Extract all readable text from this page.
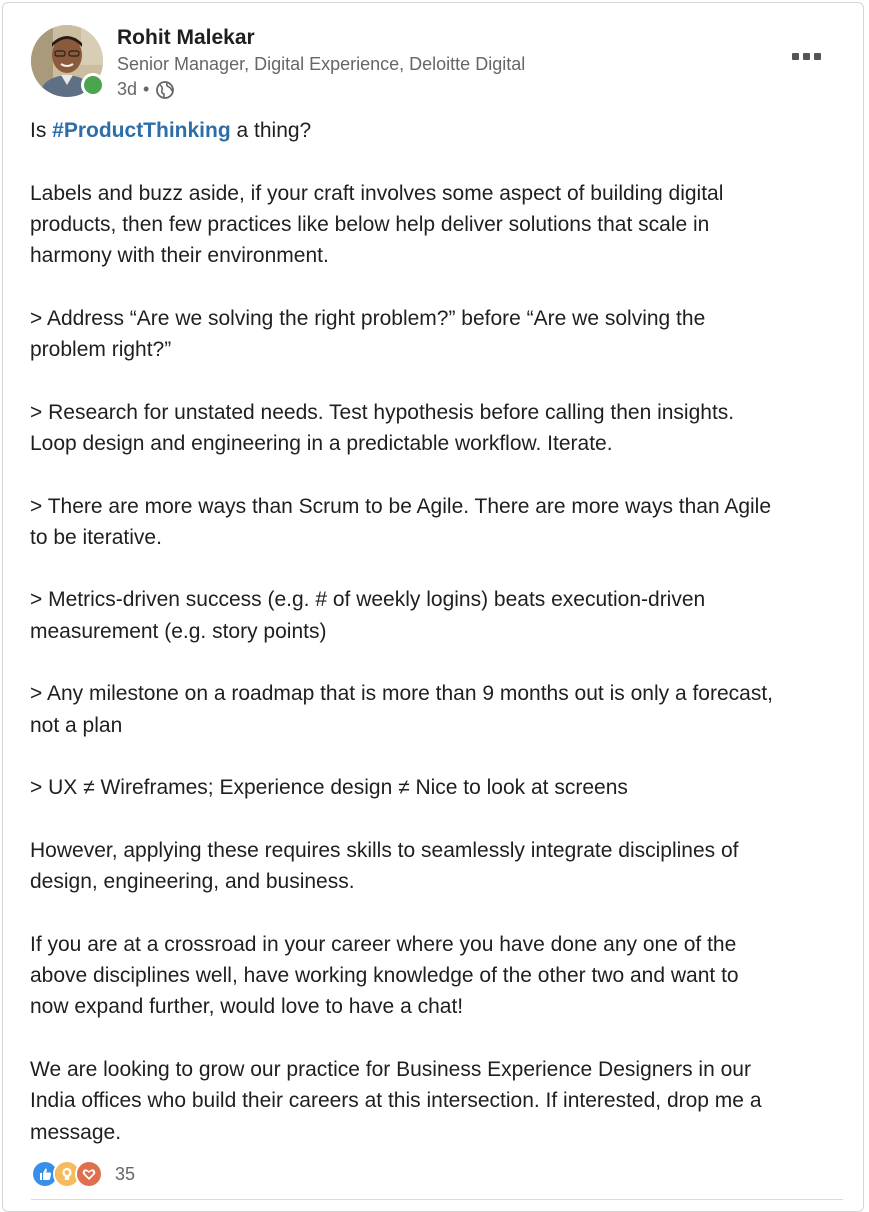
Rohit Malekar
Senior Manager, Digital Experience, Deloitte Digital
3d •

Is #ProductThinking a thing?

Labels and buzz aside, if your craft involves some aspect of building digital
products, then few practices like below help deliver solutions that scale in
harmony with their environment.

> Address “Are we solving the right problem?” before “Are we solving the
problem right?”

> Research for unstated needs. Test hypothesis before calling then insights.
Loop design and engineering in a predictable workflow. Iterate.

> There are more ways than Scrum to be Agile. There are more ways than Agile
to be iterative.

> Metrics-driven success (e.g. # of weekly logins) beats execution-driven
measurement (e.g. story points)

> Any milestone on a roadmap that is more than 9 months out is only a forecast,
not a plan

> UX ≠ Wireframes; Experience design ≠ Nice to look at screens

However, applying these requires skills to seamlessly integrate disciplines of
design, engineering, and business.

If you are at a crossroad in your career where you have done any one of the
above disciplines well, have working knowledge of the other two and want to
now expand further, would love to have a chat!

We are looking to grow our practice for Business Experience Designers in our
India offices who build their careers at this intersection. If interested, drop me a
message.

35
